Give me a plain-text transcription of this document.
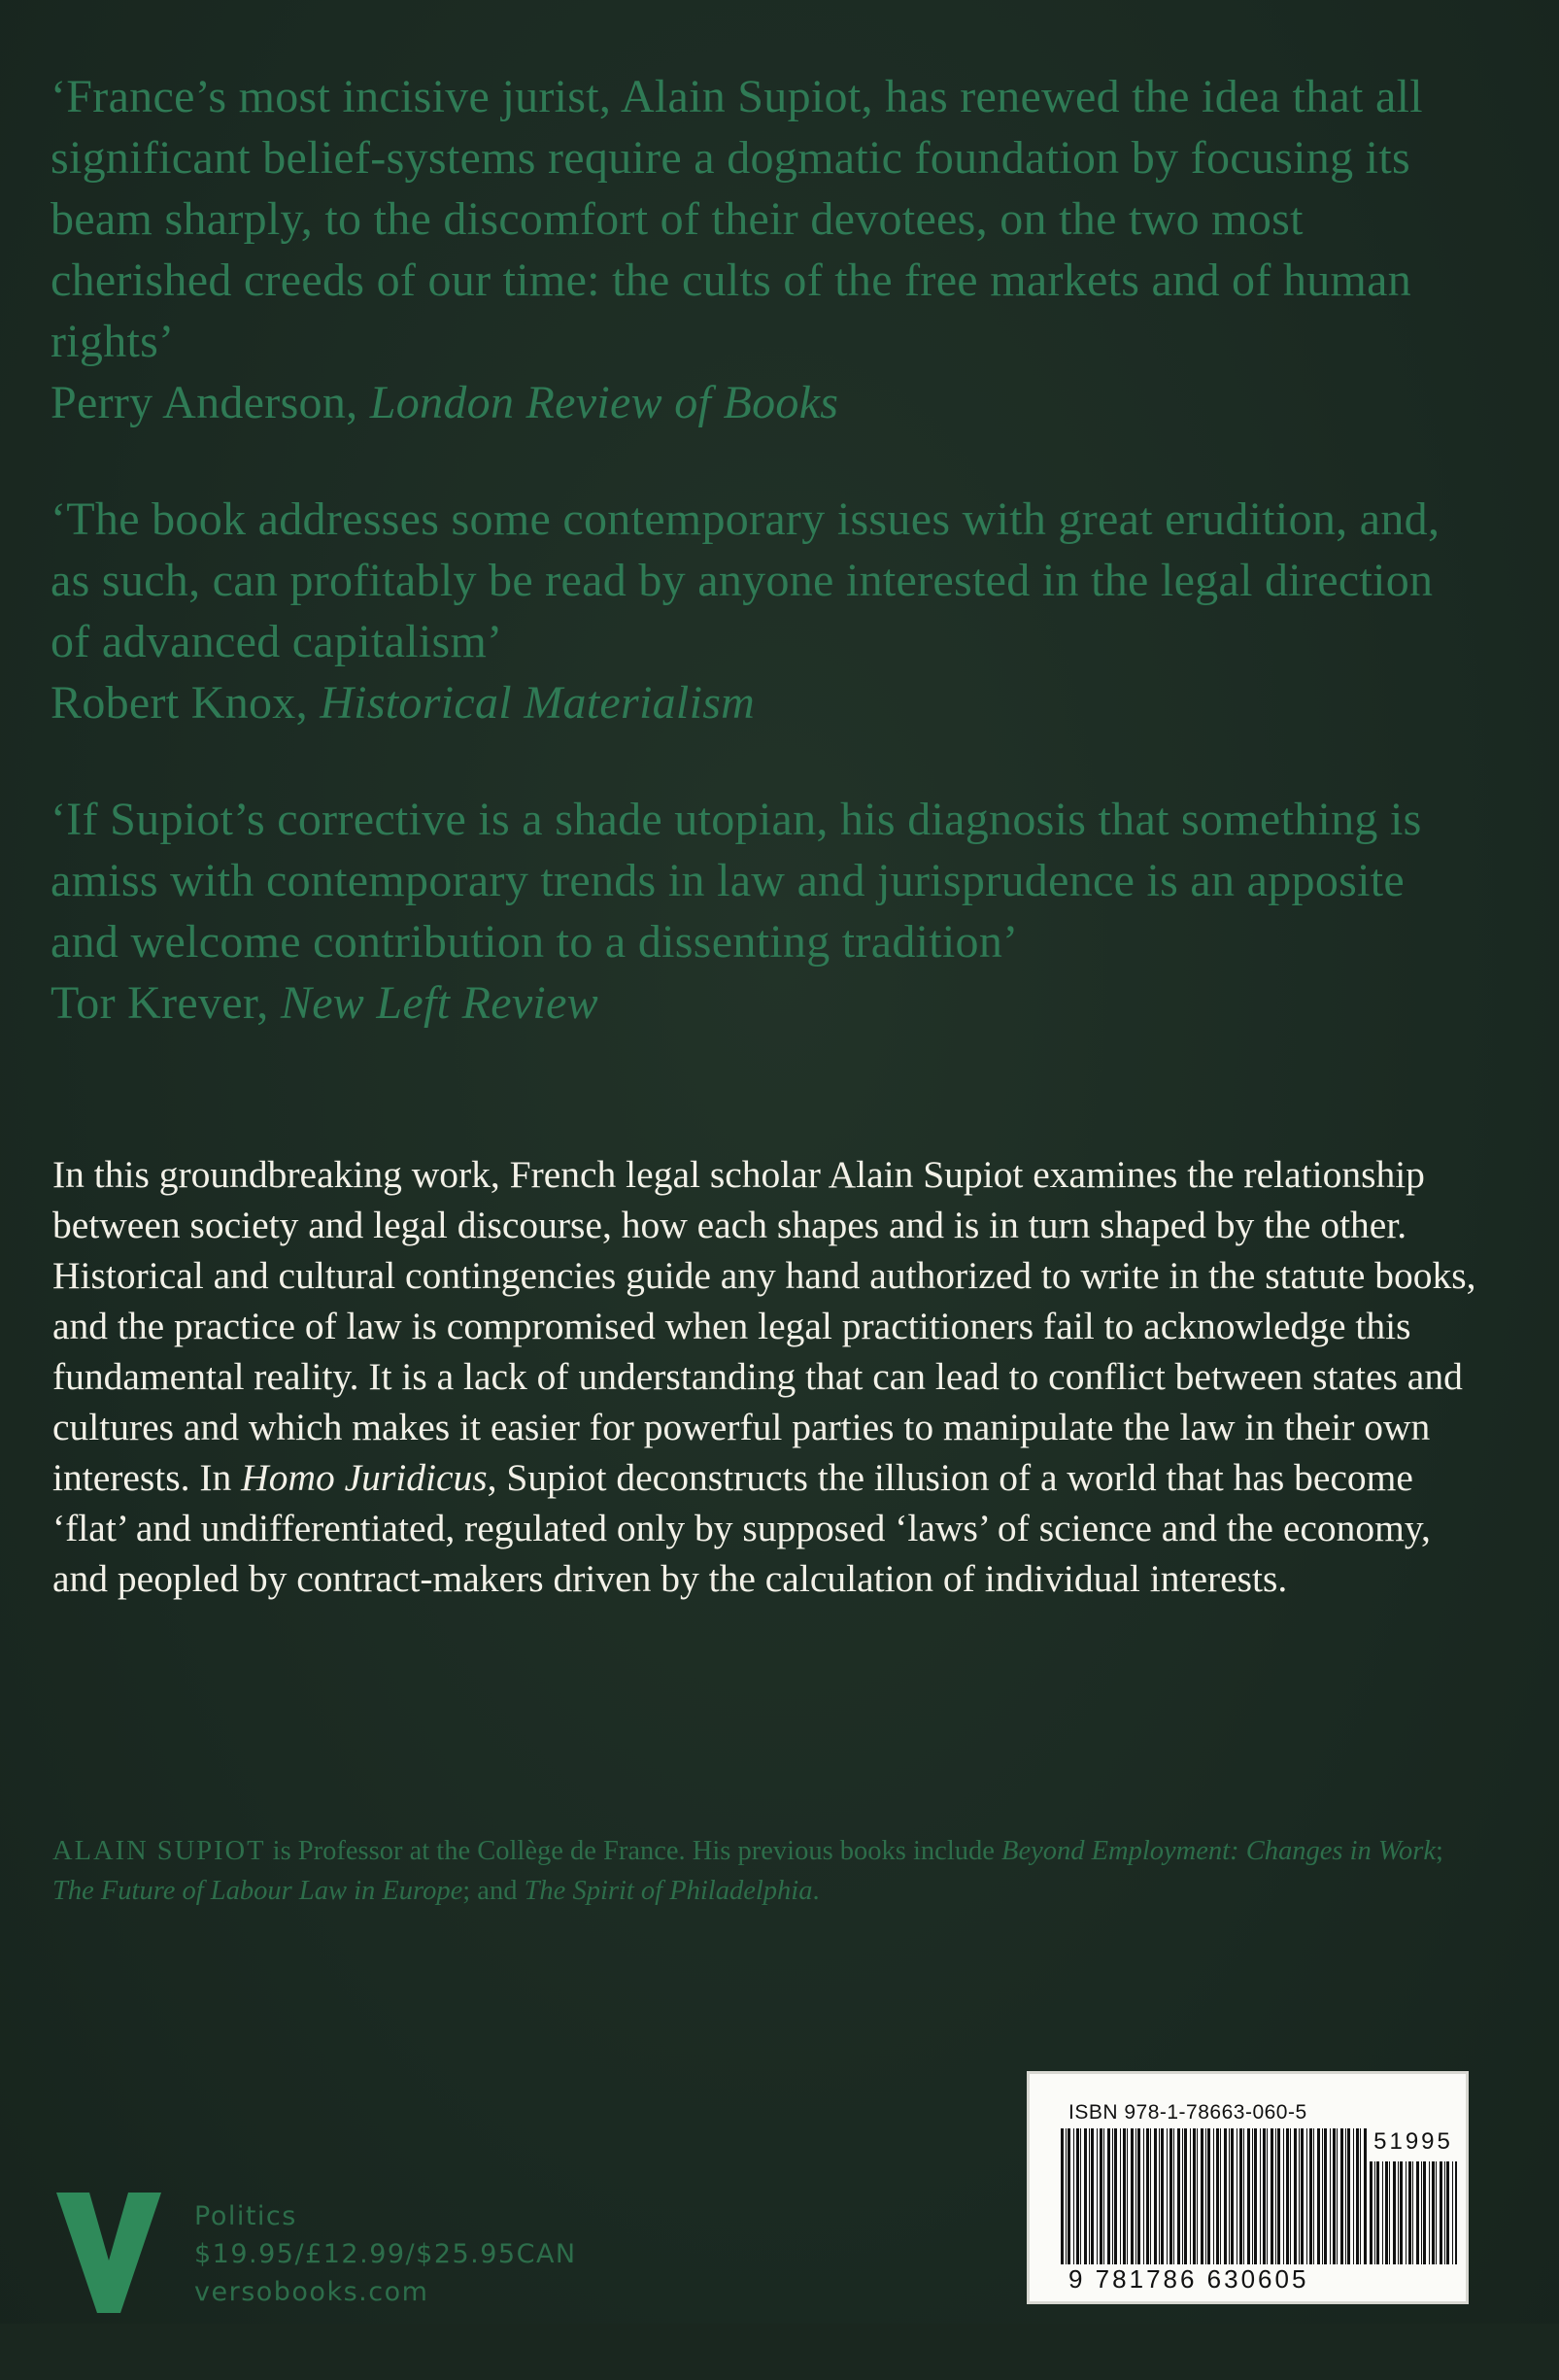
‘France’s most incisive jurist, Alain Supiot, has renewed the idea that all significant belief-systems require a dogmatic foundation by focusing its beam sharply, to the discomfort of their devotees, on the two most cherished creeds of our time: the cults of the free markets and of human rights’
Perry Anderson, London Review of Books
‘The book addresses some contemporary issues with great erudition, and, as such, can profitably be read by anyone interested in the legal direction of advanced capitalism’
Robert Knox, Historical Materialism
‘If Supiot’s corrective is a shade utopian, his diagnosis that something is amiss with contemporary trends in law and jurisprudence is an apposite and welcome contribution to a dissenting tradition’
Tor Krever, New Left Review
In this groundbreaking work, French legal scholar Alain Supiot examines the relationship between society and legal discourse, how each shapes and is in turn shaped by the other. Historical and cultural contingencies guide any hand authorized to write in the statute books, and the practice of law is compromised when legal practitioners fail to acknowledge this fundamental reality. It is a lack of understanding that can lead to conflict between states and cultures and which makes it easier for powerful parties to manipulate the law in their own interests. In Homo Juridicus, Supiot deconstructs the illusion of a world that has become ‘flat’ and undifferentiated, regulated only by supposed ‘laws’ of science and the economy, and peopled by contract-makers driven by the calculation of individual interests.
ALAIN SUPIOT is Professor at the Collège de France. His previous books include Beyond Employment: Changes in Work; The Future of Labour Law in Europe; and The Spirit of Philadelphia.
ISBN 978-1-78663-060-5
51995
9 781786 630605
Politics
$19.95/£12.99/$25.95CAN
versobooks.com
